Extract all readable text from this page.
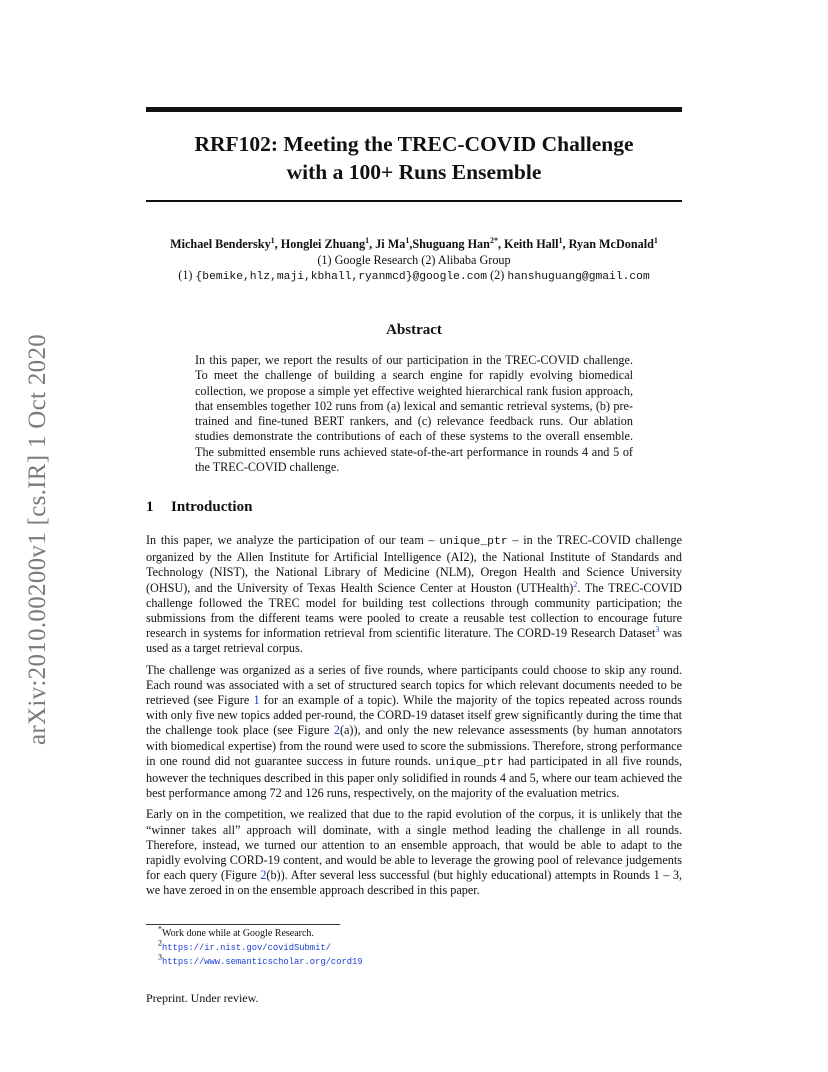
arXiv:2010.00200v1 [cs.IR] 1 Oct 2020
RRF102: Meeting the TREC-COVID Challenge
with a 100+ Runs Ensemble
Michael Bendersky$^1$, Honglei Zhuang$^1$, Ji Ma$^1$,Shuguang Han$^{2*}$, Keith Hall$^1$, Ryan McDonald$^1$
(1) Google Research (2) Alibaba Group
(1) {bemike,hlz,maji,kbhall,ryanmcd}@google.com (2) hanshuguang@gmail.com
Abstract
In this paper, we report the results of our participation in the TREC-COVID challenge. To meet the challenge of building a search engine for rapidly evolving biomedical collection, we propose a simple yet effective weighted hierarchical rank fusion approach, that ensembles together 102 runs from (a) lexical and semantic retrieval systems, (b) pre-trained and fine-tuned BERT rankers, and (c) relevance feedback runs. Our ablation studies demonstrate the contributions of each of these systems to the overall ensemble. The submitted ensemble runs achieved state-of-the-art performance in rounds 4 and 5 of the TREC-COVID challenge.
1 Introduction

In this paper, we analyze the participation of our team – unique_ptr – in the TREC-COVID challenge organized by the Allen Institute for Artificial Intelligence (AI2), the National Institute of Standards and Technology (NIST), the National Library of Medicine (NLM), Oregon Health and Science University (OHSU), and the University of Texas Health Science Center at Houston (UTHealth)$^2$. The TREC-COVID challenge followed the TREC model for building test collections through community participation; the submissions from the different teams were pooled to create a reusable test collection to encourage future research in systems for information retrieval from scientific literature. The CORD-19 Research Dataset$^3$ was used as a target retrieval corpus.

The challenge was organized as a series of five rounds, where participants could choose to skip any round. Each round was associated with a set of structured search topics for which relevant documents needed to be retrieved (see Figure 1 for an example of a topic). While the majority of the topics repeated across rounds with only five new topics added per-round, the CORD-19 dataset itself grew significantly during the time that the challenge took place (see Figure 2(a)), and only the new relevance assessments (by human annotators with biomedical expertise) from the round were used to score the submissions. Therefore, strong performance in one round did not guarantee success in future rounds. unique_ptr had participated in all five rounds, however the techniques described in this paper only solidified in rounds 4 and 5, where our team achieved the best performance among 72 and 126 runs, respectively, on the majority of the evaluation metrics.

Early on in the competition, we realized that due to the rapid evolution of the corpus, it is unlikely that the “winner takes all” approach will dominate, with a single method leading the challenge in all rounds. Therefore, instead, we turned our attention to an ensemble approach, that would be able to adapt to the rapidly evolving CORD-19 content, and would be able to leverage the growing pool of relevance judgements for each query (Figure 2(b)). After several less successful (but highly educational) attempts in Rounds 1 – 3, we have zeroed in on the ensemble approach described in this paper.

*Work done while at Google Research.
$^2$https://ir.nist.gov/covidSubmit/
$^3$https://www.semanticscholar.org/cord19
Preprint. Under review.
